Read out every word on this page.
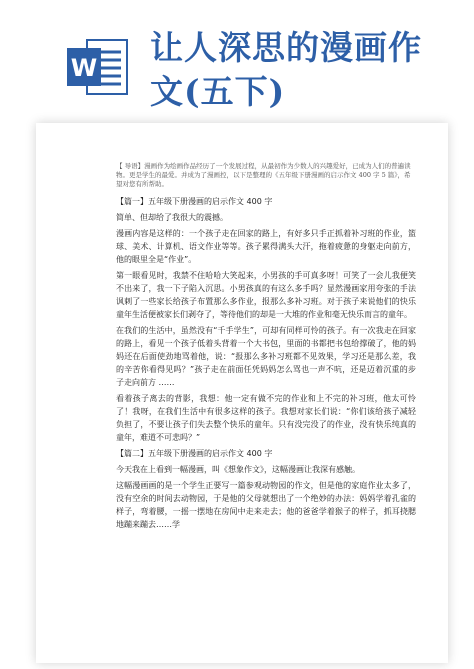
W
让人深思的漫画作文(五下)
【 导语】漫画作为绘画作品经历了一个发展过程，从最初作为少数人的兴趣爱好，已成为人们的普遍读物。更是学生的最爱。并成为了漫画控，以下是整理的《五年级下册漫画的启示作文 400 字 5 篇》，希望对您有所帮助。

【篇一】五年级下册漫画的启示作文 400 字

简单、但却给了我很大的震撼。

漫画内容是这样的：一个孩子走在回家的路上，有好多只手正抓着补习班的作业，篮球、美术、计算机、语文作业等等。孩子累得满头大汗，拖着疲惫的身躯走向前方，他的眼里全是“作业”。

第一眼看见时，我禁不住哈哈大笑起来，小男孩的手可真多呀！可笑了一会儿我便笑不出来了，我一下子陷入沉思。小男孩真的有这么多手吗？显然漫画家用夸张的手法讽刺了一些家长给孩子布置那么多作业，报那么多补习班。对于孩子来说他们的快乐童年生活便被家长们剥夺了，等待他们的却是一大堆的作业和毫无快乐而言的童年。

在我们的生活中，虽然没有“千手学生”，可却有同样可怜的孩子。有一次我走在回家的路上，看见一个孩子低着头背着一个大书包，里面的书都把书包给撑破了，他的妈妈还在后面使劲地骂着他，说：“报那么多补习班都不见效果，学习还是那么差，我的辛苦你看得见吗？”孩子走在前面任凭妈妈怎么骂也一声不吭，还是迈着沉重的步子走向前方 ……

看着孩子离去的背影，我想：他一定有做不完的作业和上不完的补习班，他太可怜了！我呀，在我们生活中有很多这样的孩子。我想对家长们说：“你们该给孩子减轻负担了，不要让孩子们失去整个快乐的童年。只有没完没了的作业，没有快乐纯真的童年，难道不可悲吗？”

【篇二】五年级下册漫画的启示作文 400 字

今天我在上看到一幅漫画，叫《想象作文》，这幅漫画让我深有感触。

这幅漫画画的是一个学生正要写一篇参观动物园的作文，但是他的家庭作业太多了，没有空余的时间去动物园，于是他的父母就想出了一个绝妙的办法：妈妈学着孔雀的样子，弯着腰，一摇一摆地在房间中走来走去；他的爸爸学着猴子的样子，抓耳挠腮地蹦来蹦去……学
